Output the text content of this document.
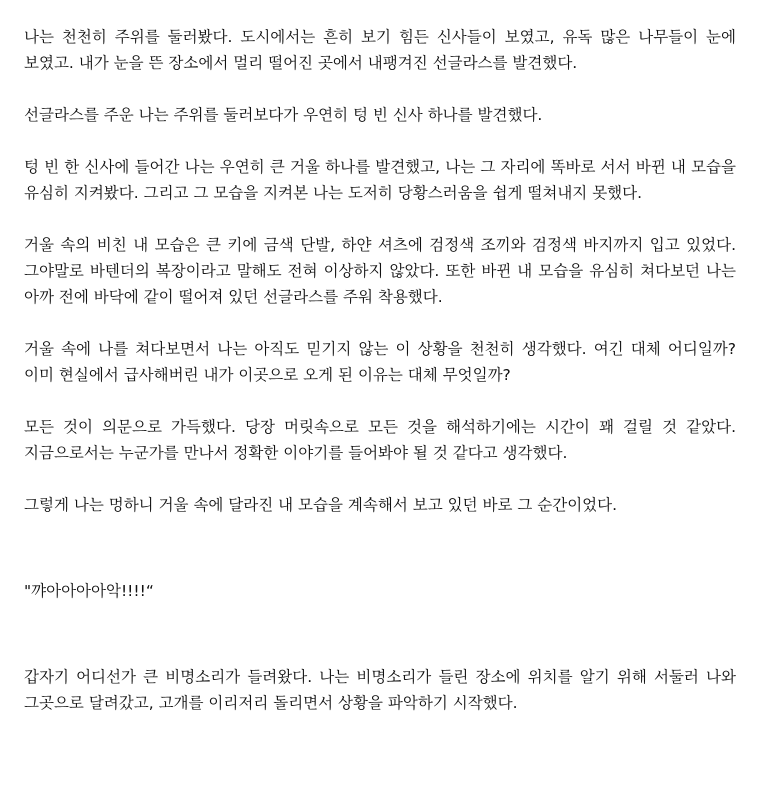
나는 천천히 주위를 둘러봤다. 도시에서는 흔히 보기 힘든 신사들이 보였고, 유독 많은 나무들이 눈에 보였고. 내가 눈을 뜬 장소에서 멀리 떨어진 곳에서 내팽겨진 선글라스를 발견했다.

선글라스를 주운 나는 주위를 둘러보다가 우연히 텅 빈 신사 하나를 발견했다.

텅 빈 한 신사에 들어간 나는 우연히 큰 거울 하나를 발견했고, 나는 그 자리에 똑바로 서서 바뀐 내 모습을 유심히 지켜봤다. 그리고 그 모습을 지켜본 나는 도저히 당황스러움을 쉽게 떨쳐내지 못했다.

거울 속의 비친 내 모습은 큰 키에 금색 단발, 하얀 셔츠에 검정색 조끼와 검정색 바지까지 입고 있었다. 그야말로 바텐더의 복장이라고 말해도 전혀 이상하지 않았다. 또한 바뀐 내 모습을 유심히 쳐다보던 나는 아까 전에 바닥에 같이 떨어져 있던 선글라스를 주워 착용했다.

거울 속에 나를 쳐다보면서 나는 아직도 믿기지 않는 이 상황을 천천히 생각했다. 여긴 대체 어디일까? 이미 현실에서 급사해버린 내가 이곳으로 오게 된 이유는 대체 무엇일까?

모든 것이 의문으로 가득했다. 당장 머릿속으로 모든 것을 해석하기에는 시간이 꽤 걸릴 것 같았다. 지금으로서는 누군가를 만나서 정확한 이야기를 들어봐야 될 것 같다고 생각했다.

그렇게 나는 멍하니 거울 속에 달라진 내 모습을 계속해서 보고 있던 바로 그 순간이었다.

"꺄아아아아악!!!!“

갑자기 어디선가 큰 비명소리가 들려왔다. 나는 비명소리가 들린 장소에 위치를 알기 위해 서둘러 나와 그곳으로 달려갔고, 고개를 이리저리 돌리면서 상황을 파악하기 시작했다.
